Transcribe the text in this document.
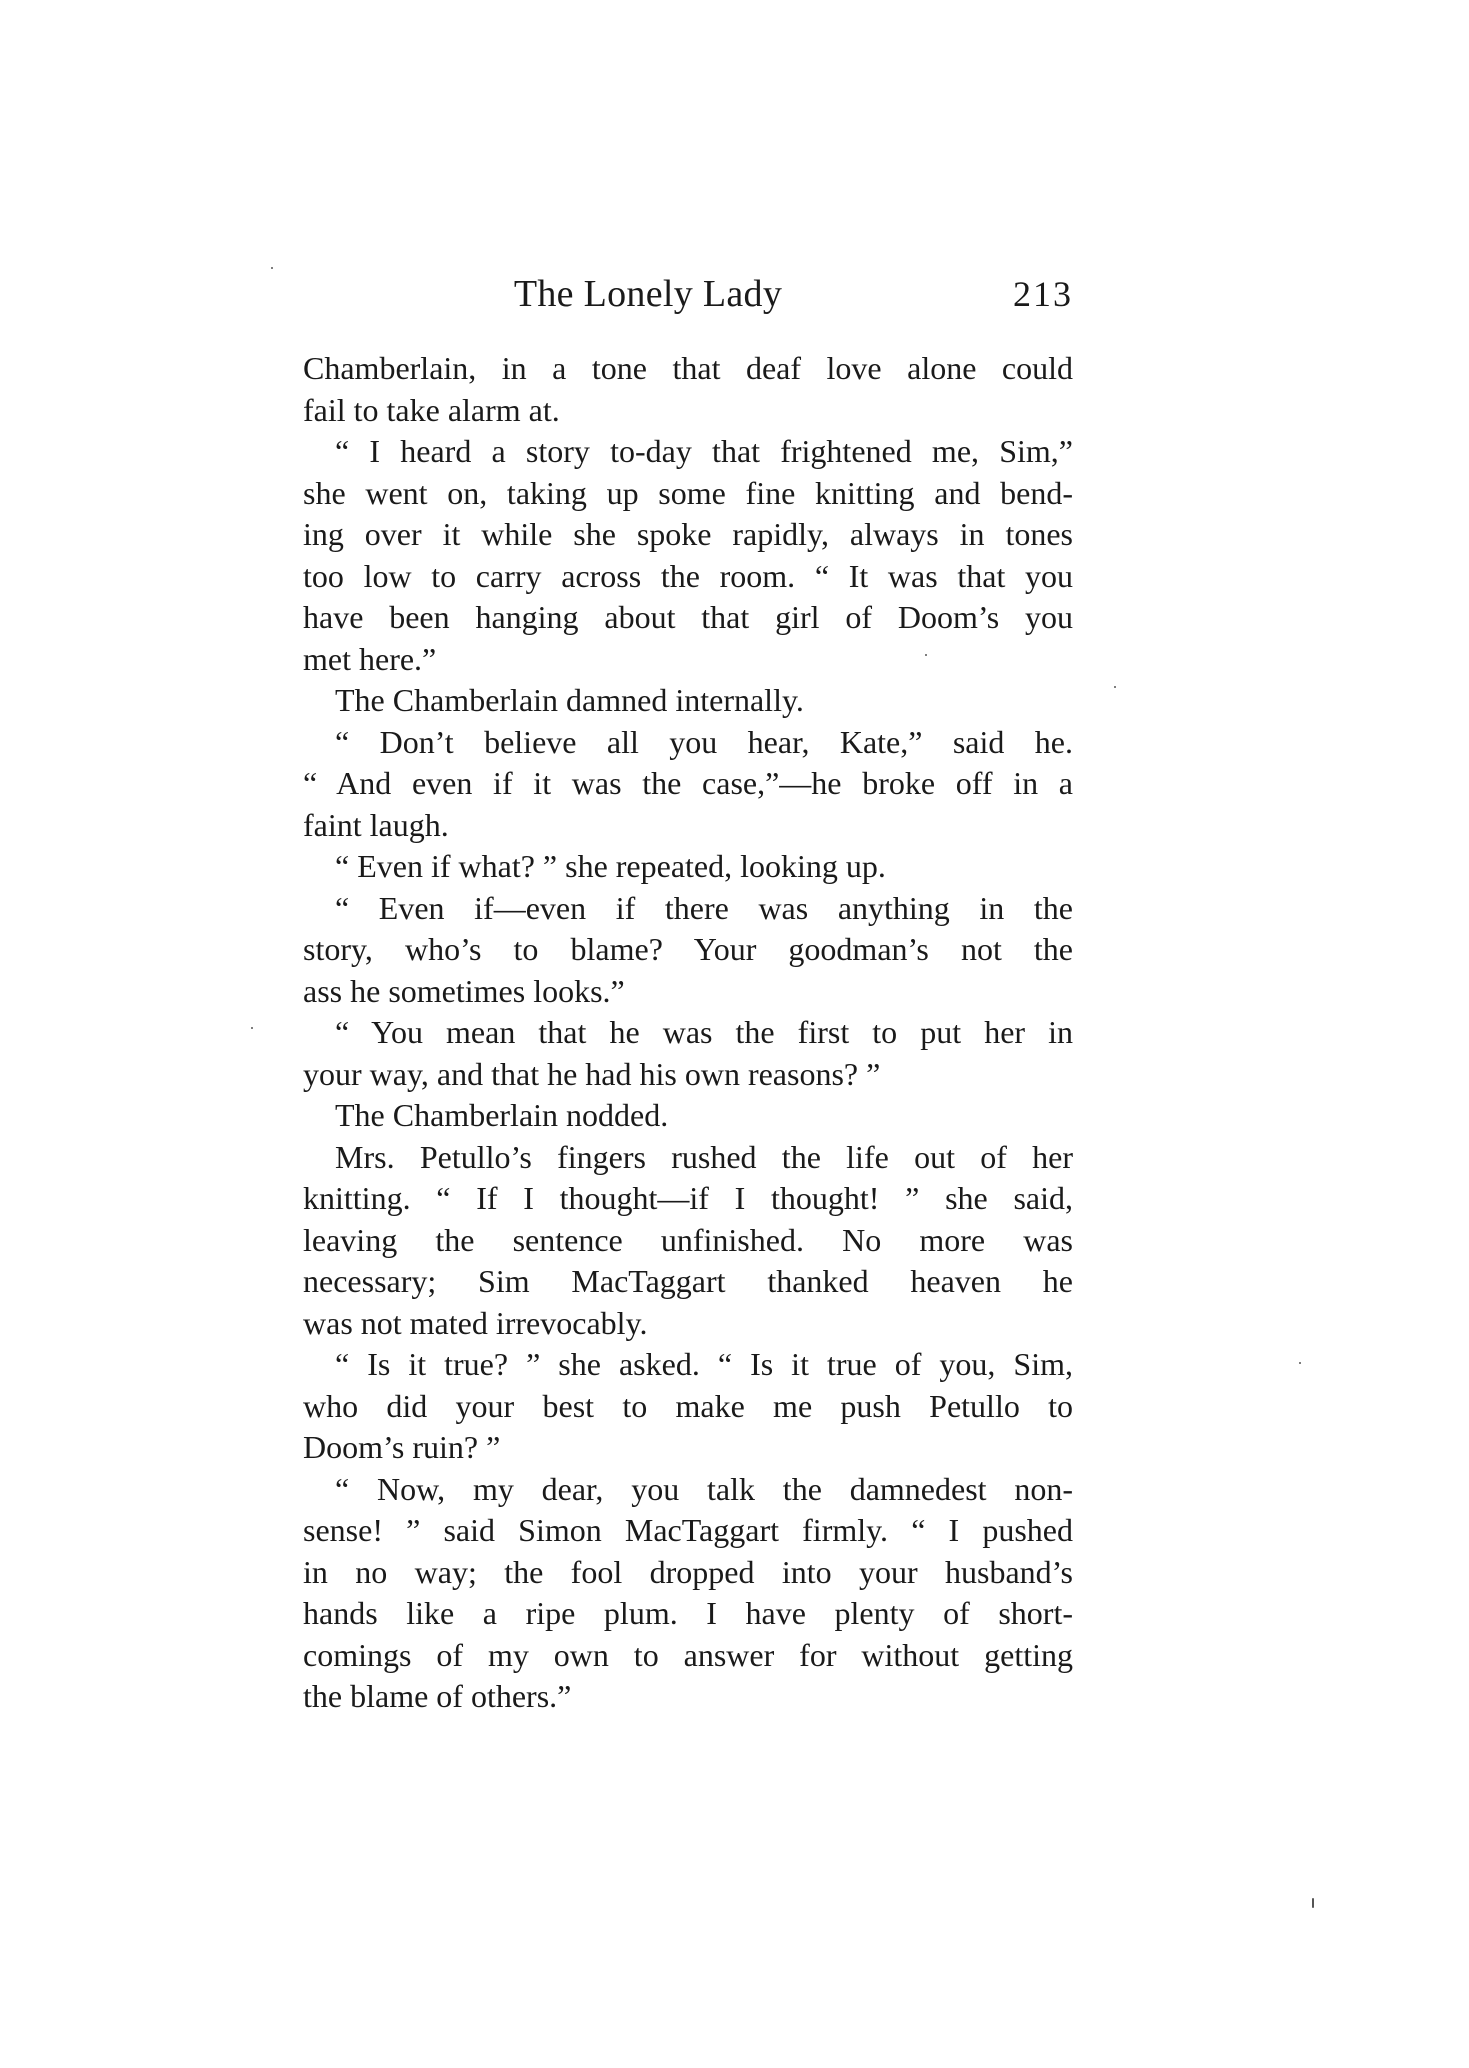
The Lonely Lady	213
Chamberlain, in a tone that deaf love alone could
fail to take alarm at.
“ I heard a story to-day that frightened me, Sim,”
she went on, taking up some fine knitting and bend-
ing over it while she spoke rapidly, always in tones
too low to carry across the room. “ It was that you
have been hanging about that girl of Doom’s you
met here.”
The Chamberlain damned internally.
“ Don’t believe all you hear, Kate,” said he.
“ And even if it was the case,”—he broke off in a
faint laugh.
“ Even if what? ” she repeated, looking up.
“ Even if—even if there was anything in the
story, who’s to blame? Your goodman’s not the
ass he sometimes looks.”
“ You mean that he was the first to put her in
your way, and that he had his own reasons? ”
The Chamberlain nodded.
Mrs. Petullo’s fingers rushed the life out of her
knitting. “ If I thought—if I thought! ” she said,
leaving the sentence unfinished. No more was
necessary; Sim MacTaggart thanked heaven he
was not mated irrevocably.
“ Is it true? ” she asked. “ Is it true of you, Sim,
who did your best to make me push Petullo to
Doom’s ruin? ”
“ Now, my dear, you talk the damnedest non-
sense! ” said Simon MacTaggart firmly. “ I pushed
in no way; the fool dropped into your husband’s
hands like a ripe plum. I have plenty of short-
comings of my own to answer for without getting
the blame of others.”
